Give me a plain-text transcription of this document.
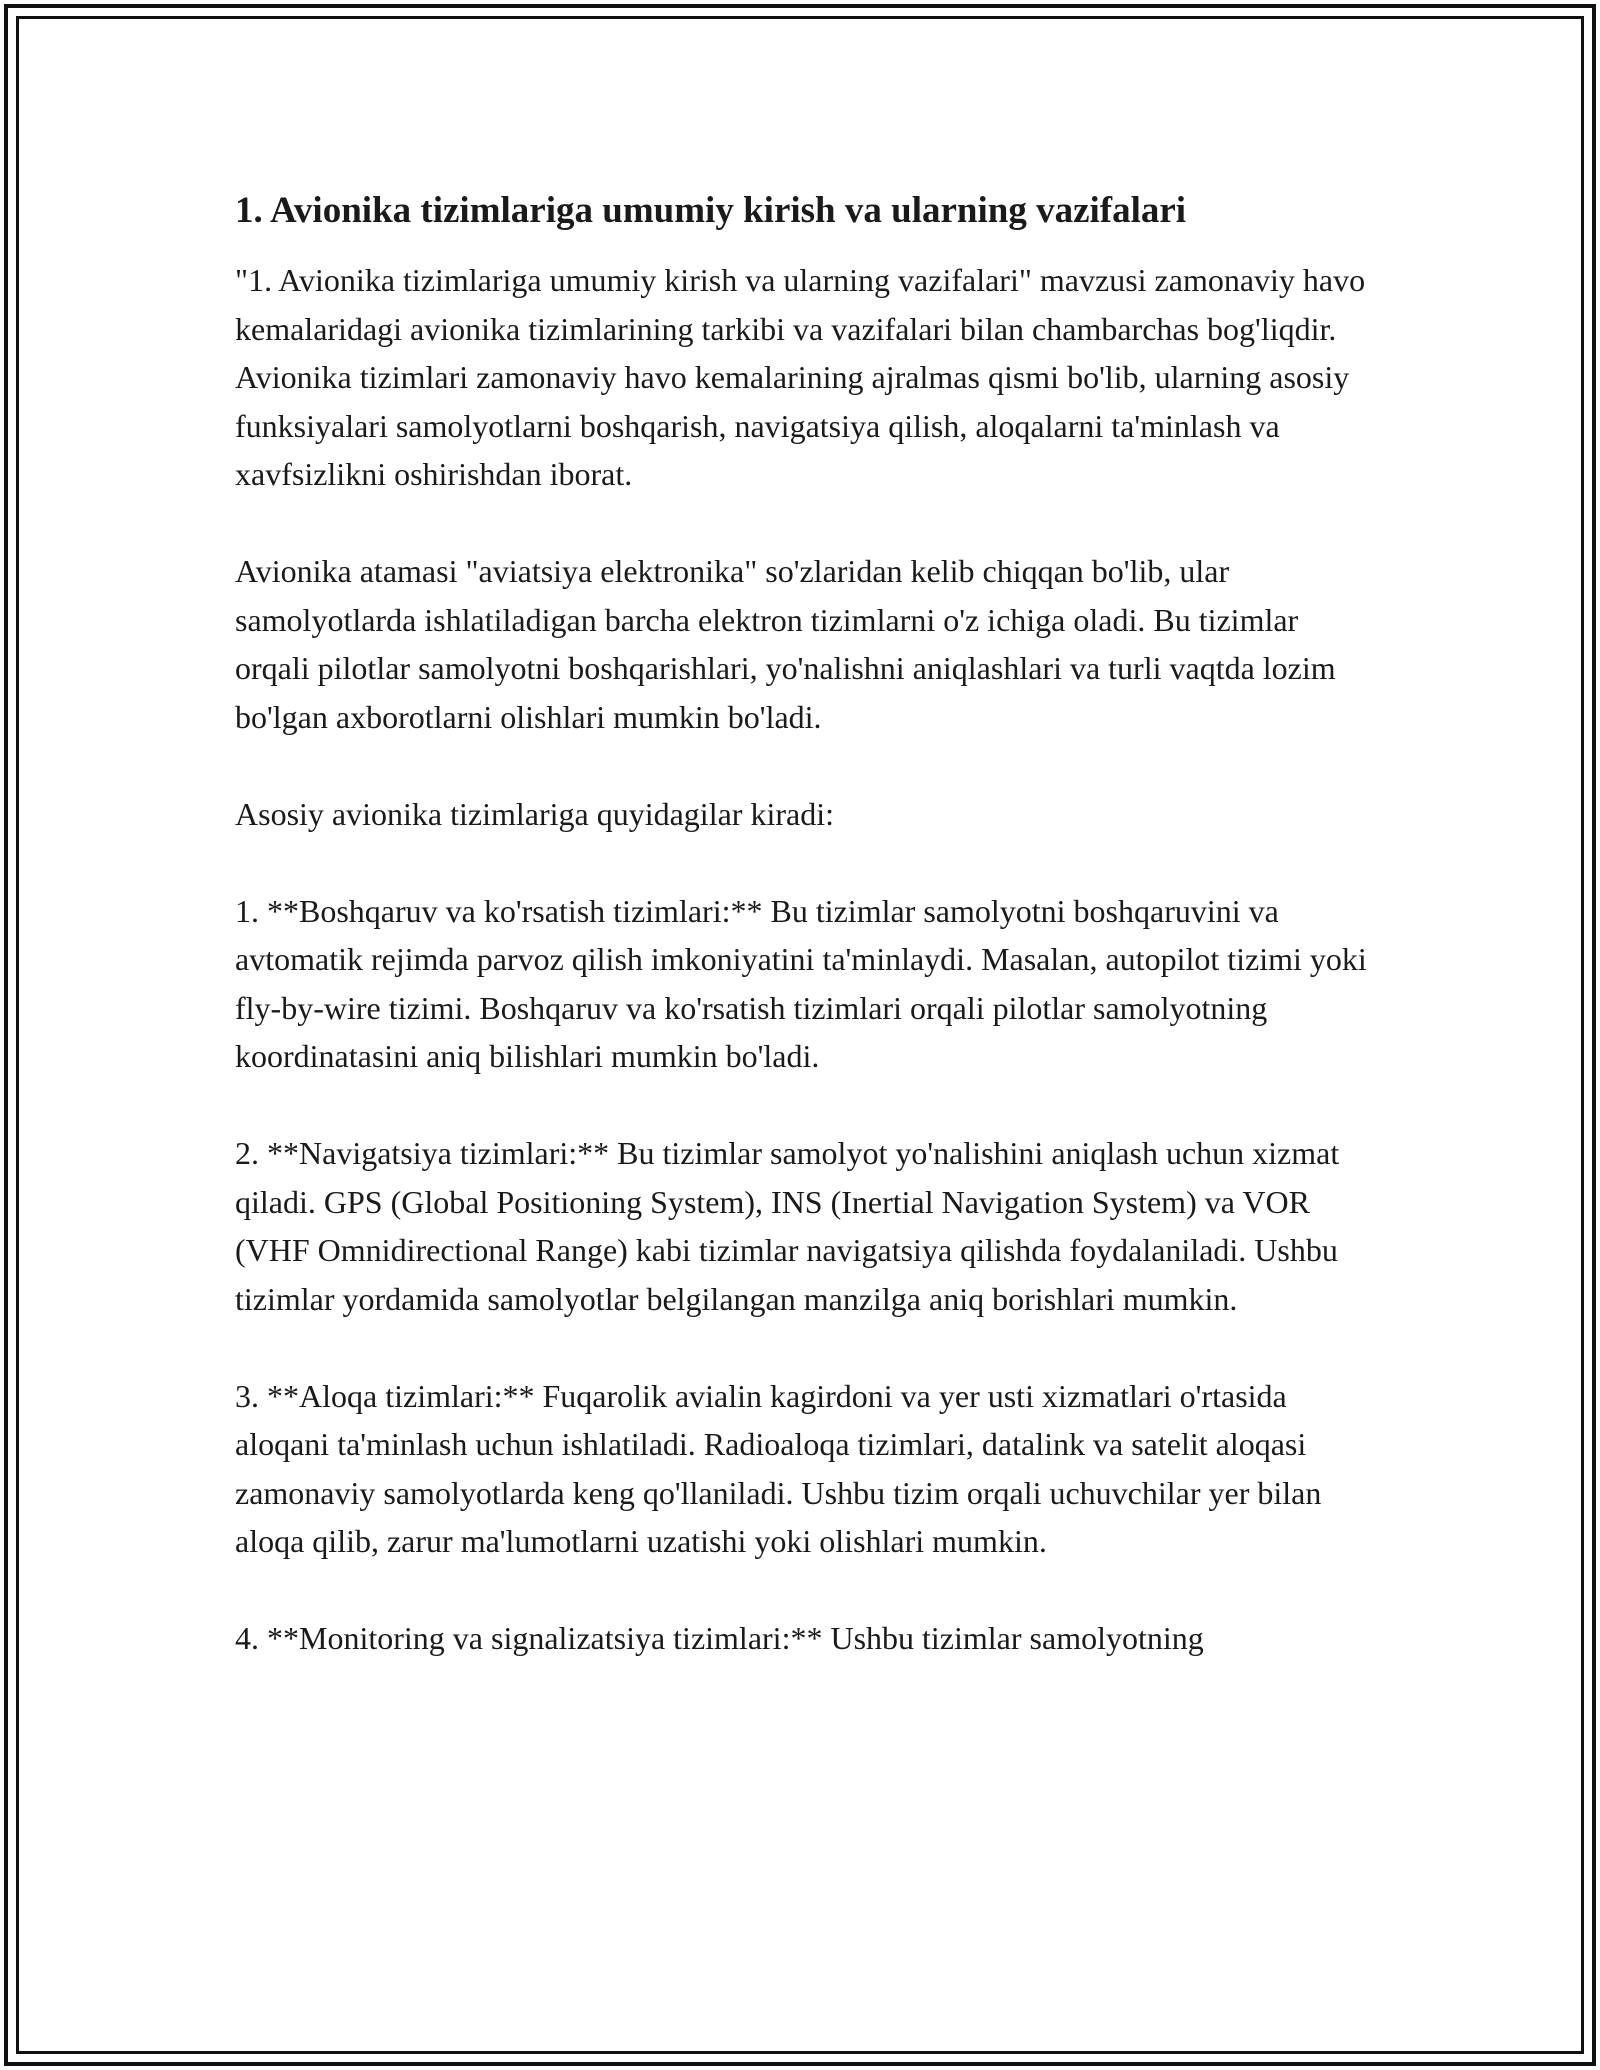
1. Avionika tizimlariga umumiy kirish va ularning vazifalari

"1. Avionika tizimlariga umumiy kirish va ularning vazifalari" mavzusi zamonaviy havo kemalaridagi avionika tizimlarining tarkibi va vazifalari bilan chambarchas bog'liqdir. Avionika tizimlari zamonaviy havo kemalarining ajralmas qismi bo'lib, ularning asosiy funksiyalari samolyotlarni boshqarish, navigatsiya qilish, aloqalarni ta'minlash va xavfsizlikni oshirishdan iborat.

Avionika atamasi "aviatsiya elektronika" so'zlaridan kelib chiqqan bo'lib, ular samolyotlarda ishlatiladigan barcha elektron tizimlarni o'z ichiga oladi. Bu tizimlar orqali pilotlar samolyotni boshqarishlari, yo'nalishni aniqlashlari va turli vaqtda lozim bo'lgan axborotlarni olishlari mumkin bo'ladi.

Asosiy avionika tizimlariga quyidagilar kiradi:

1. **Boshqaruv va ko'rsatish tizimlari:** Bu tizimlar samolyotni boshqaruvini va avtomatik rejimda parvoz qilish imkoniyatini ta'minlaydi. Masalan, autopilot tizimi yoki fly-by-wire tizimi. Boshqaruv va ko'rsatish tizimlari orqali pilotlar samolyotning koordinatasini aniq bilishlari mumkin bo'ladi.

2. **Navigatsiya tizimlari:** Bu tizimlar samolyot yo'nalishini aniqlash uchun xizmat qiladi. GPS (Global Positioning System), INS (Inertial Navigation System) va VOR (VHF Omnidirectional Range) kabi tizimlar navigatsiya qilishda foydalaniladi. Ushbu tizimlar yordamida samolyotlar belgilangan manzilga aniq borishlari mumkin.

3. **Aloqa tizimlari:** Fuqarolik avialin kagirdoni va yer usti xizmatlari o'rtasida aloqani ta'minlash uchun ishlatiladi. Radioaloqa tizimlari, datalink va satelit aloqasi zamonaviy samolyotlarda keng qo'llaniladi. Ushbu tizim orqali uchuvchilar yer bilan aloqa qilib, zarur ma'lumotlarni uzatishi yoki olishlari mumkin.

4. **Monitoring va signalizatsiya tizimlari:** Ushbu tizimlar samolyotning
